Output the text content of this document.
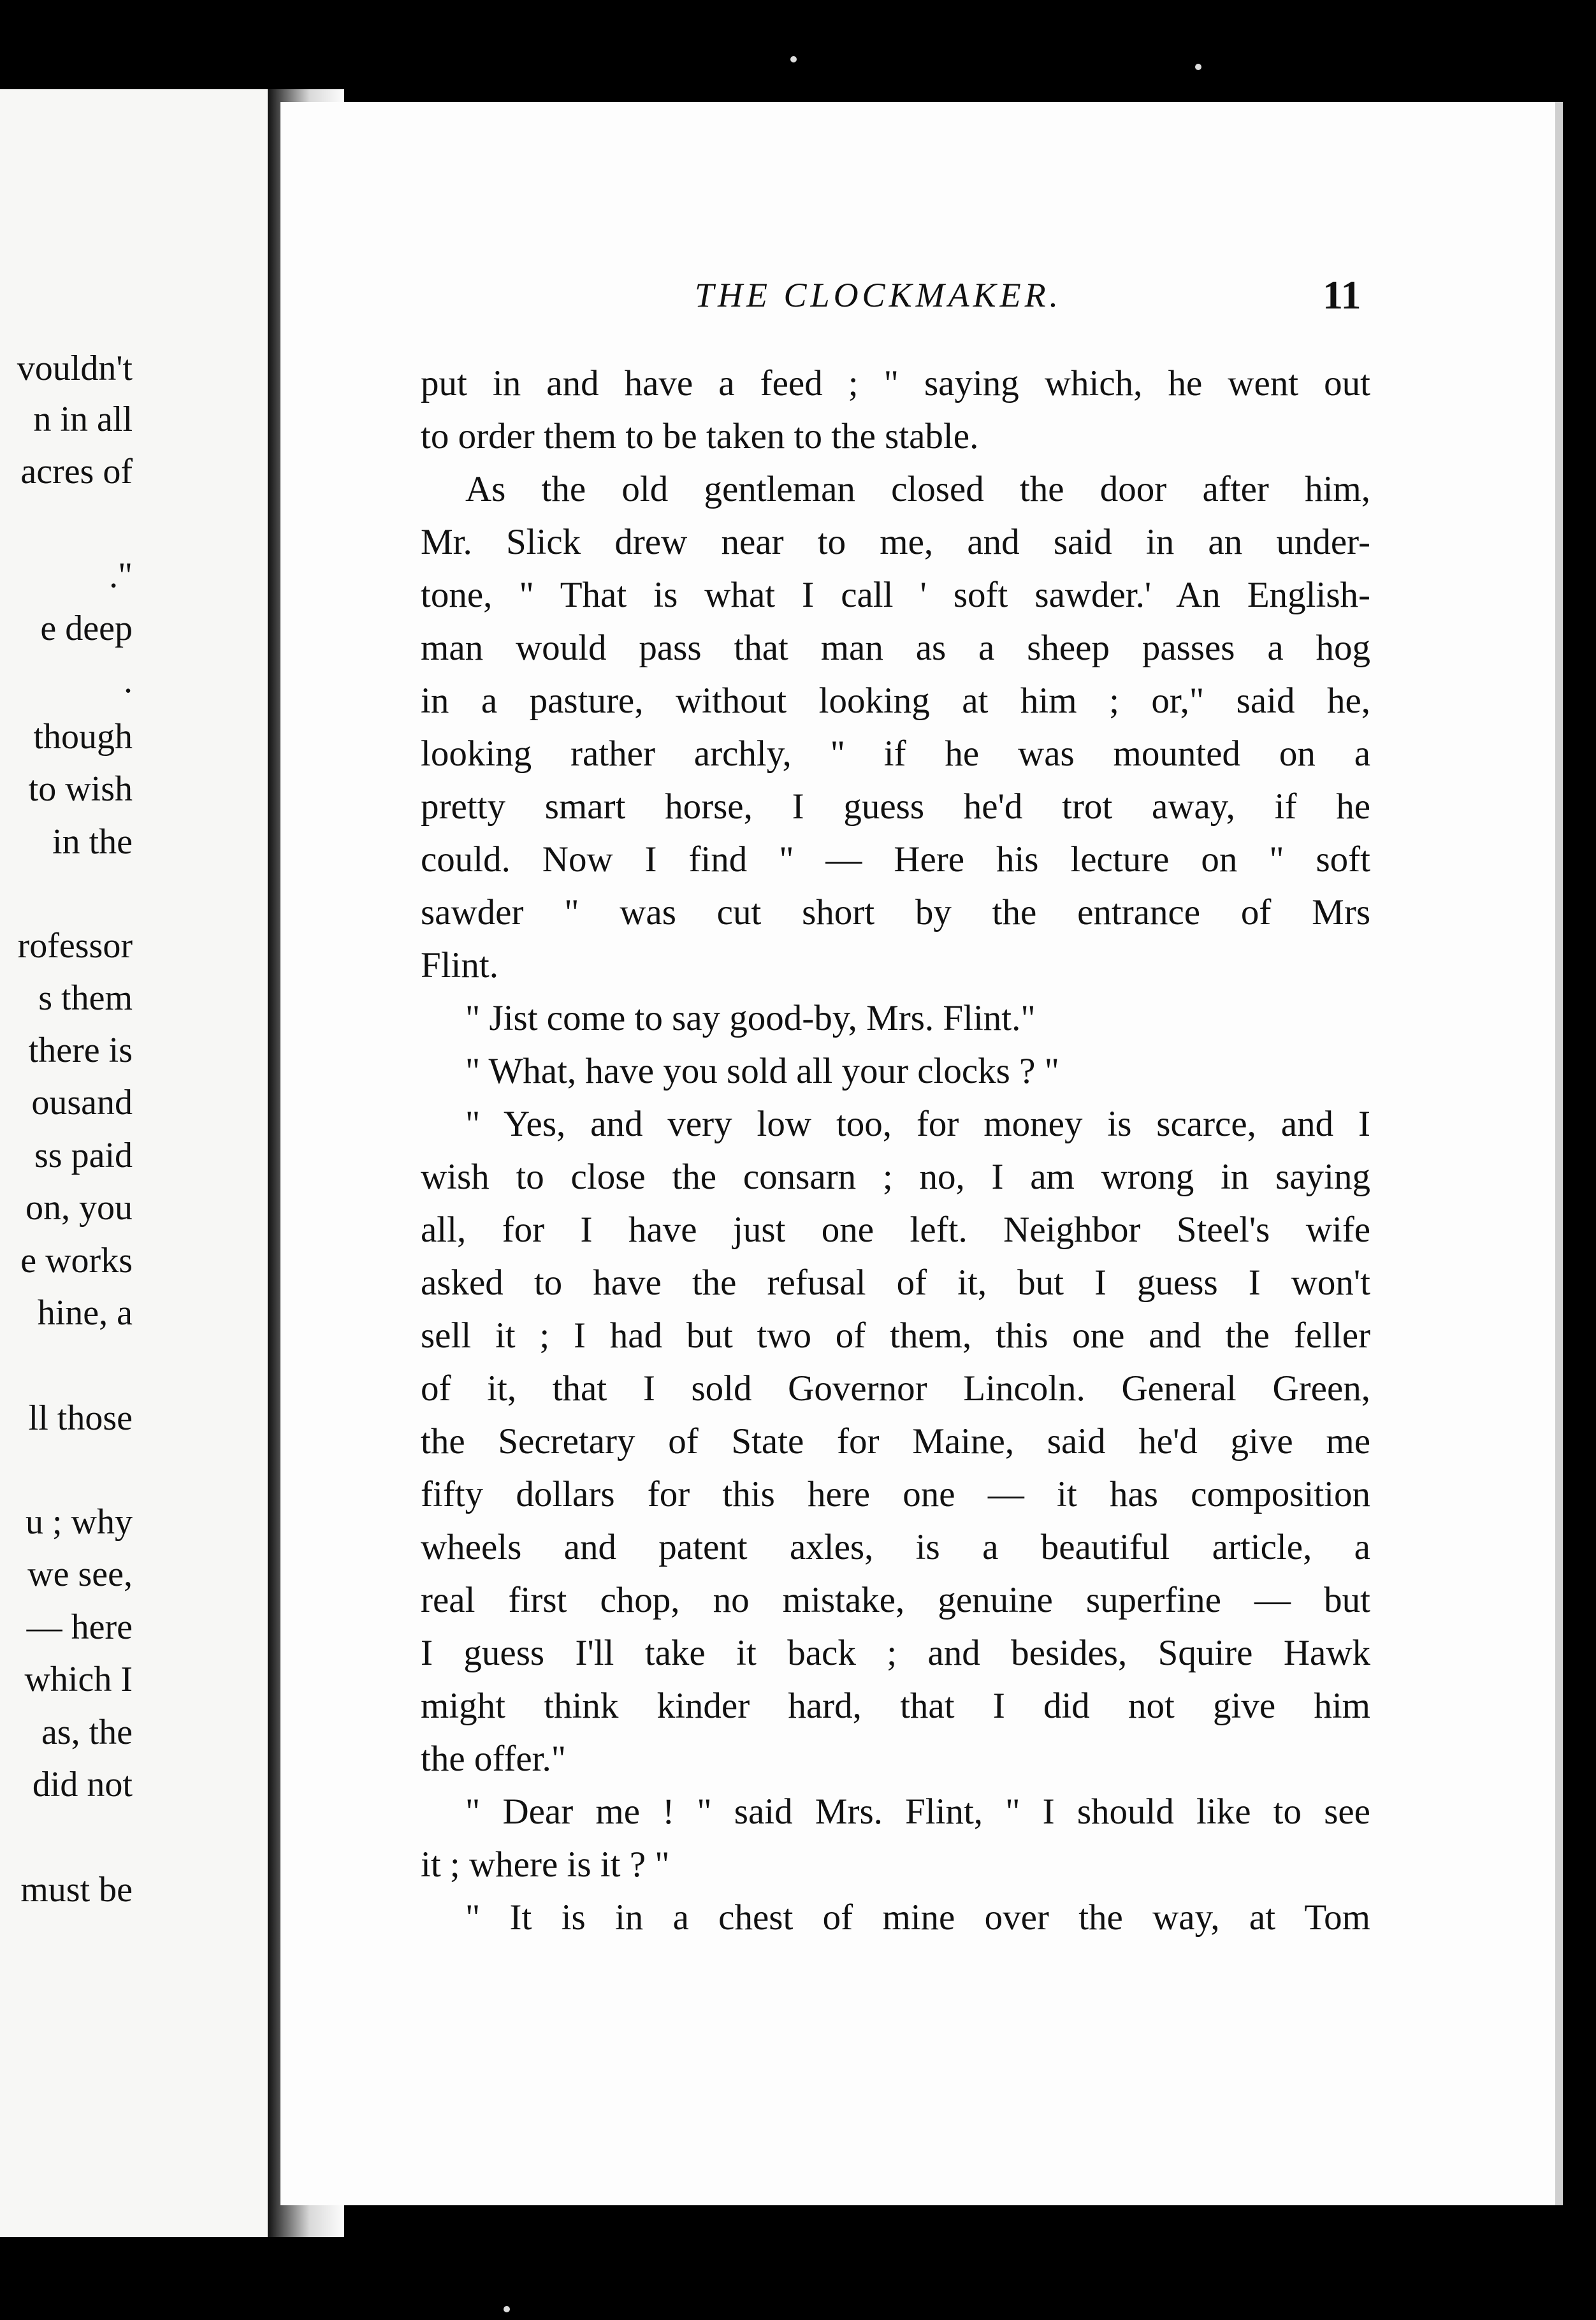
vouldn't
n in all
acres of
."
e deep
.
though
to wish
in the
rofessor
s them
there is
ousand
ss paid
on, you
e works
hine, a
ll those
u ; why
we see,
— here
which I
as, the
did not
must be
THE CLOCKMAKER.	11
put in and have a feed ; " saying which, he went out
to order them to be taken to the stable.
As the old gentleman closed the door after him,
Mr. Slick drew near to me, and said in an under-
tone, " That is what I call ' soft sawder.' An English-
man would pass that man as a sheep passes a hog
in a pasture, without looking at him ; or," said he,
looking rather archly, " if he was mounted on a
pretty smart horse, I guess he'd trot away, if he
could. Now I find " — Here his lecture on " soft
sawder " was cut short by the entrance of Mrs
Flint.
" Jist come to say good-by, Mrs. Flint."
" What, have you sold all your clocks ? "
" Yes, and very low too, for money is scarce, and I
wish to close the consarn ; no, I am wrong in saying
all, for I have just one left. Neighbor Steel's wife
asked to have the refusal of it, but I guess I won't
sell it ; I had but two of them, this one and the feller
of it, that I sold Governor Lincoln. General Green,
the Secretary of State for Maine, said he'd give me
fifty dollars for this here one — it has composition
wheels and patent axles, is a beautiful article, a
real first chop, no mistake, genuine superfine — but
I guess I'll take it back ; and besides, Squire Hawk
might think kinder hard, that I did not give him
the offer."
" Dear me ! " said Mrs. Flint, " I should like to see
it ; where is it ? "
" It is in a chest of mine over the way, at Tom
